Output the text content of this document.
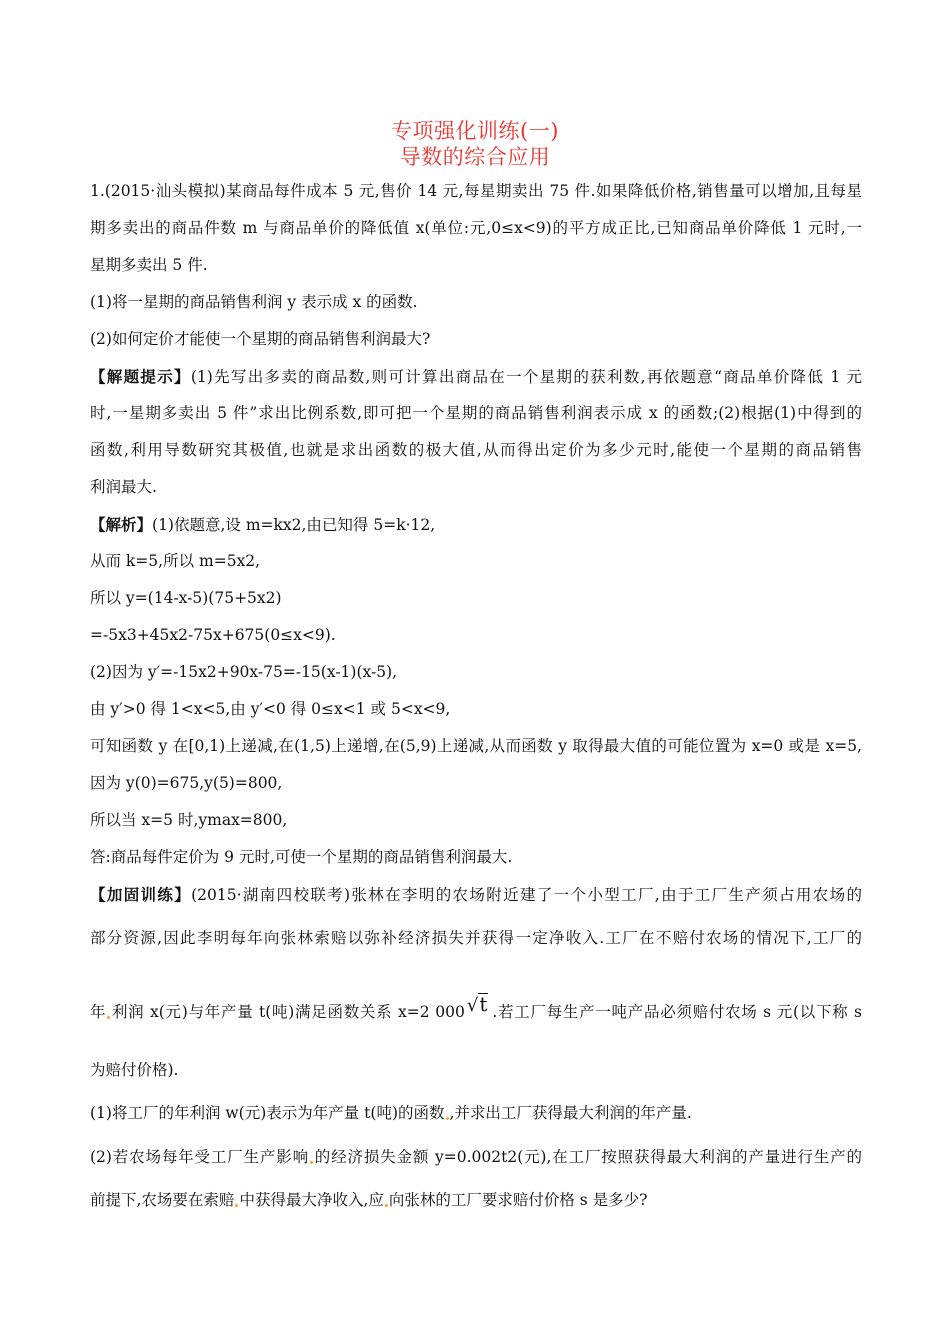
专项强化训练(一)
导数的综合应用
1.(2015·汕头模拟)某商品每件成本 5 元,售价 14 元,每星期卖出 75 件.如果降低价格,销售量可以增加,且每星
期多卖出的商品件数 m 与商品单价的降低值 x(单位:元,0≤x<9)的平方成正比,已知商品单价降低 1 元时,一
星期多卖出 5 件.
(1)将一星期的商品销售利润 y 表示成 x 的函数.
(2)如何定价才能使一个星期的商品销售利润最大?
【解题提示】(1)先写出多卖的商品数,则可计算出商品在一个星期的获利数,再依题意“商品单价降低 1 元
时,一星期多卖出 5 件”求出比例系数,即可把一个星期的商品销售利润表示成 x 的函数;(2)根据(1)中得到的
函数,利用导数研究其极值,也就是求出函数的极大值,从而得出定价为多少元时,能使一个星期的商品销售
利润最大.
【解析】(1)依题意,设 m=kx2,由已知得 5=k·12,
从而 k=5,所以 m=5x2,
所以 y=(14-x-5)(75+5x2)
=-5x3+45x2-75x+675(0≤x<9).
(2)因为 y′=-15x2+90x-75=-15(x-1)(x-5),
由 y′>0 得 1<x<5,由 y′<0 得 0≤x<1 或 5<x<9,
可知函数 y 在[0,1)上递减,在(1,5)上递增,在(5,9)上递减,从而函数 y 取得最大值的可能位置为 x=0 或是 x=5,
因为 y(0)=675,y(5)=800,
所以当 x=5 时,ymax=800,
答:商品每件定价为 9 元时,可使一个星期的商品销售利润最大.
【加固训练】(2015·湖南四校联考)张林在李明的农场附近建了一个小型工厂,由于工厂生产须占用农场的
部分资源,因此李明每年向张林索赔以弥补经济损失并获得一定净收入.工厂在不赔付农场的情况下,工厂的
年 利润 x(元)与年产量 t(吨)满足函数关系 x=2 000 √t .若工厂每生产一吨产品必须赔付农场 s 元(以下称 s
为赔付价格).
(1)将工厂的年利润 w(元)表示为年产量 t(吨)的函数 ,并求出工厂获得最大利润的年产量.
(2)若农场每年受工厂生产影响 的经济损失金额 y=0.002t2(元),在工厂按照获得最大利润的产量进行生产的
前提下,农场要在索赔 中获得最大净收入,应 向张林的工厂要求赔付价格 s 是多少?
